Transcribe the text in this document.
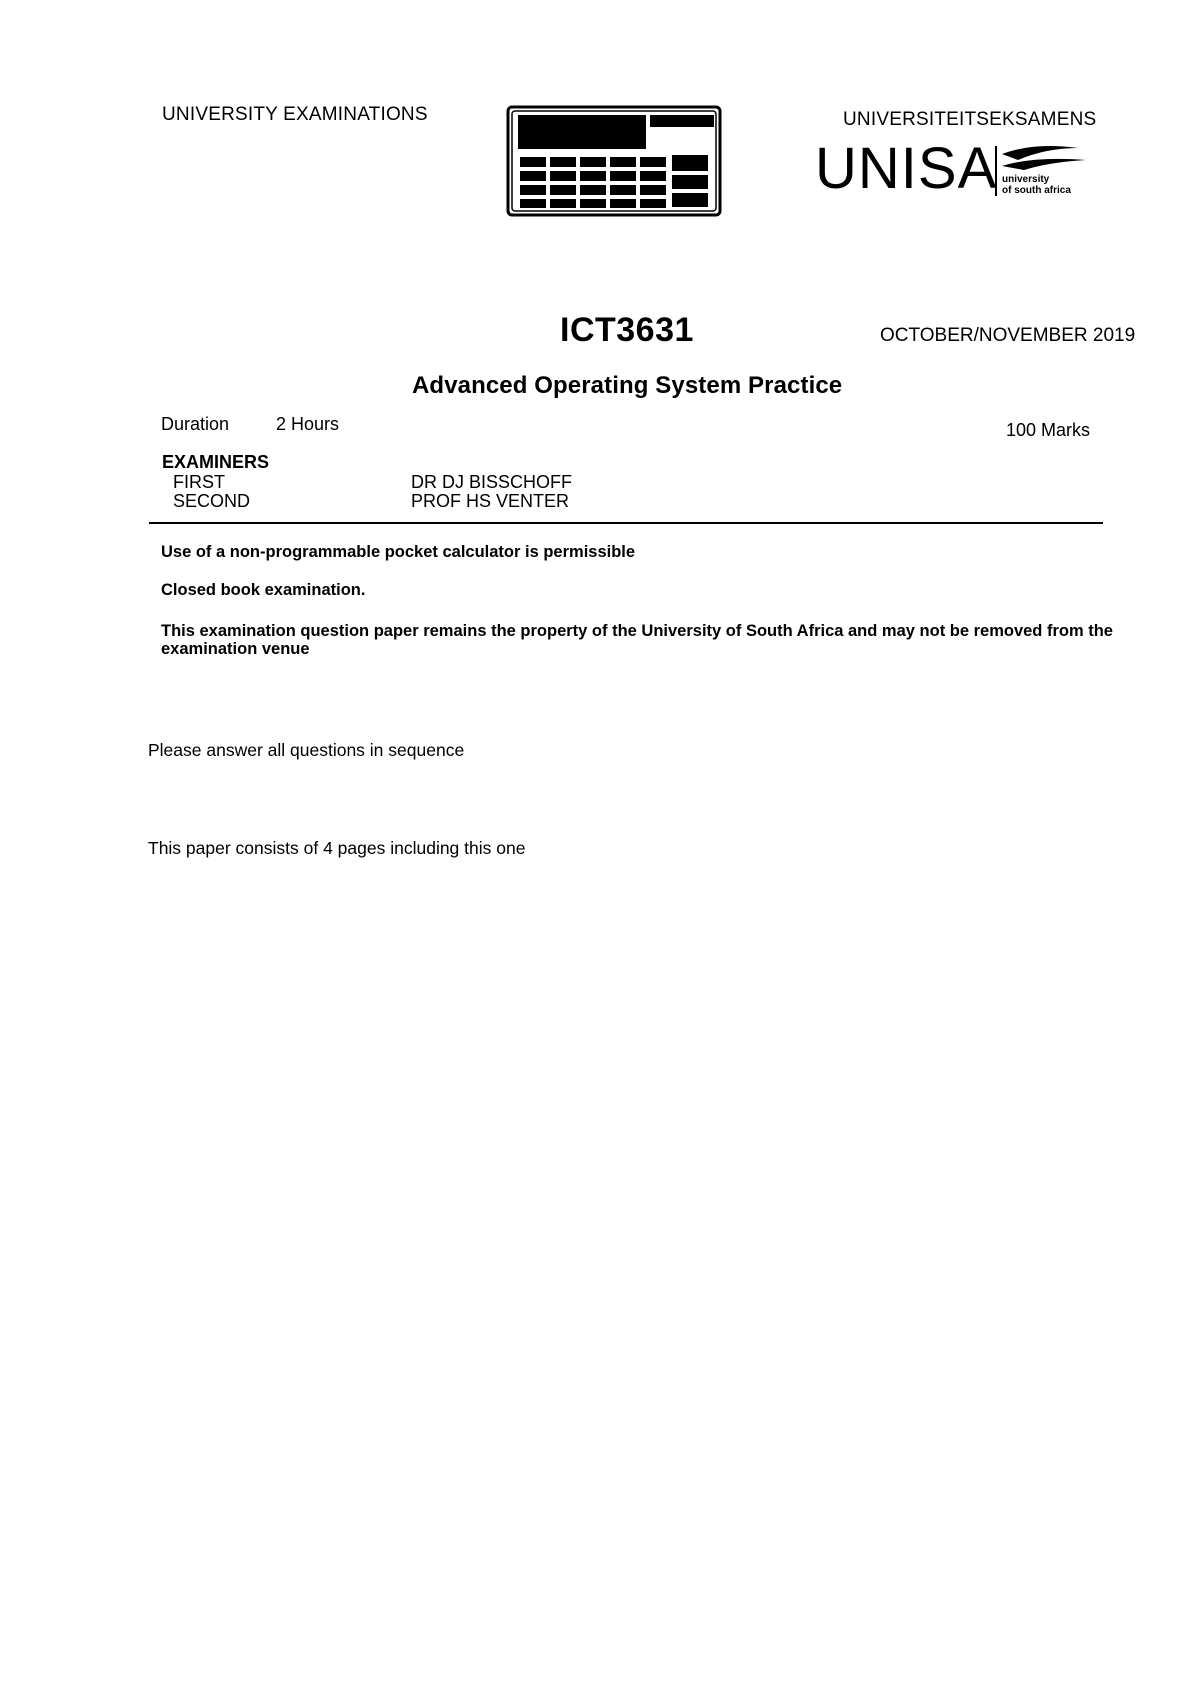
UNIVERSITY EXAMINATIONS	UNIVERSITEITSEKSAMENS
UNISA university
of south africa
ICT3631	OCTOBER/NOVEMBER 2019
Advanced Operating System Practice
Duration	2 Hours	100 Marks
EXAMINERS
FIRST	DR DJ BISSCHOFF
SECOND	PROF HS VENTER
Use of a non-programmable pocket calculator is permissible
Closed book examination.
This examination question paper remains the property of the University of South Africa and may not be removed from the examination venue
Please answer all questions in sequence
This paper consists of 4 pages including this one
